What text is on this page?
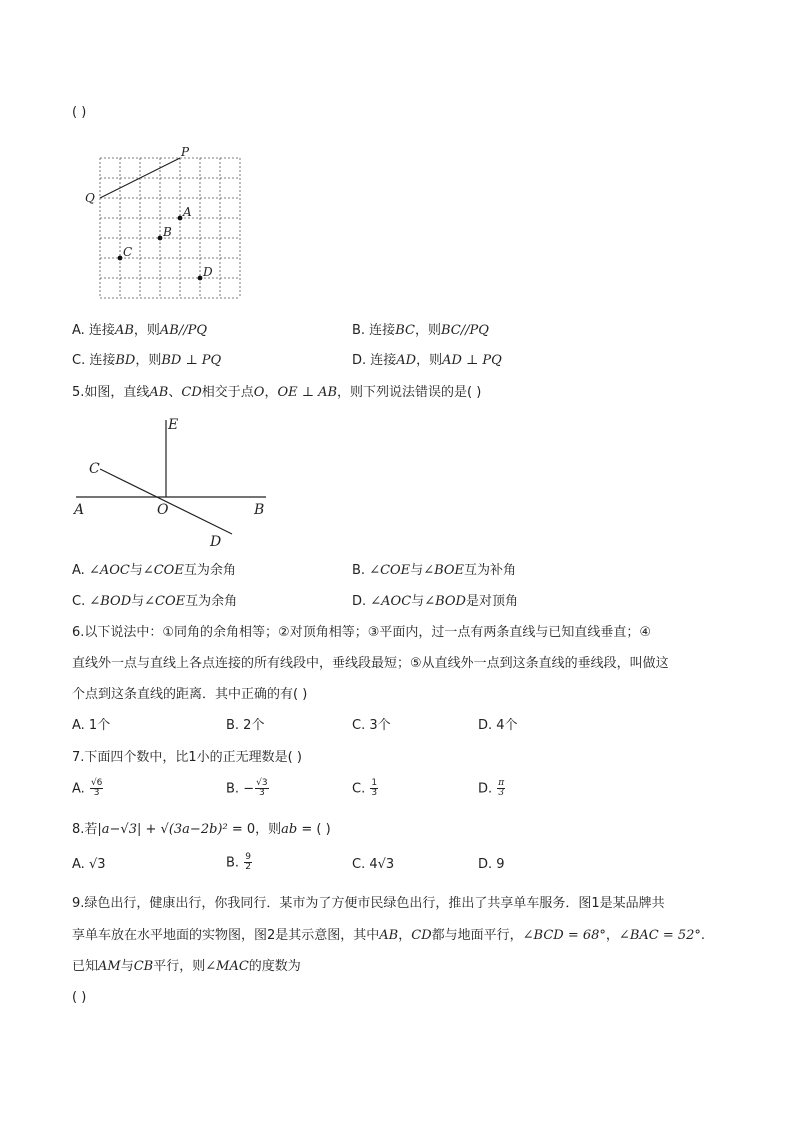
( )
P
Q
A
B
C
D
A. 连接AB，则AB//PQ	B. 连接BC，则BC//PQ
C. 连接BD，则BD ⊥ PQ	D. 连接AD，则AD ⊥ PQ
5.如图，直线AB、CD相交于点O，OE ⊥ AB，则下列说法错误的是( )
E
C
A	O	B
D
A. ∠AOC与∠COE互为余角	B. ∠COE与∠BOE互为补角
C. ∠BOD与∠COE互为余角	D. ∠AOC与∠BOD是对顶角
6.以下说法中：①同角的余角相等；②对顶角相等；③平面内，过一点有两条直线与已知直线垂直；④
直线外一点与直线上各点连接的所有线段中，垂线段最短；⑤从直线外一点到这条直线的垂线段，叫做这
个点到这条直线的距离．其中正确的有( )
A. 1个	B. 2个	C. 3个	D. 4个
7.下面四个数中，比1小的正无理数是( )
A. $\frac{√6}{3}$	B. − $\frac{√3}{3}$	C. $\frac{1}{3}$	D. $\frac{\pi}{3}$
8.若|a−√3| + √(3a−2b)² = 0，则ab = ( )
A. √3	B. $\frac{9}{2}$	C. 4√3	D. 9
9.绿色出行，健康出行，你我同行．某市为了方便市民绿色出行，推出了共享单车服务．图1是某品牌共
享单车放在水平地面的实物图，图2是其示意图，其中AB，CD都与地面平行，∠BCD = 68°，∠BAC = 52°.
已知AM与CB平行，则∠MAC的度数为
( )
